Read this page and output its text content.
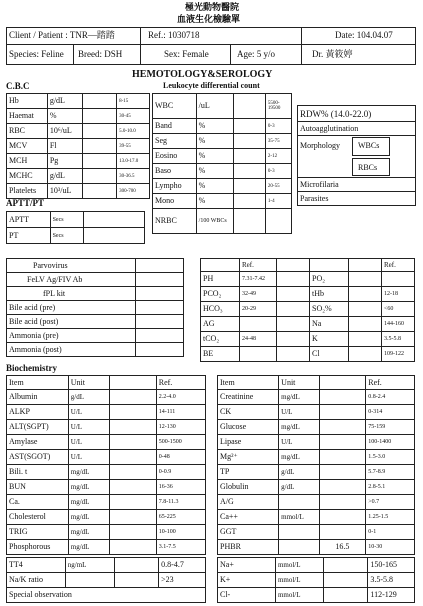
極光動物醫院
血液生化檢驗單
Client / Patient : TNR—踏踏	Ref.: 1030718	Date: 104.04.07
Species: Feline Breed: DSH	Sex: Female	Age: 5 y/o	Dr. 黃筱婷
HEMOTOLOGY&SEROLOGY
C.B.C	Leukocyte differential count
Hb	g/dL		8-15
Haemat	%		30-45
RBC	10⁶/uL		5.0-10.0
MCV	Fl		39-55
MCH	Pg		13.0-17.0
MCHC	g/dL		30-36.5
Platelets	10³/uL		300-700
WBC	/uL		5500-19500
Band	%		0-3
Seg	%		35-75
Eosino	%		2-12
Baso	%		0-3
Lympho	%		20-55
Mono	%		1-4
NRBC	/100 WBCs		
RDW% (14.0-22.0)
Autoagglutination
Morphology WBCs
RBCs
Microfilaria
Parasites
APTT/PT
APTT	Secs	
PT	Secs	
Parvovirus	
FeLV Ag/FIV Ab	
fPL kit	
Bile acid (pre)	
Bile acid (post)	
Ammonia (pre)	
Ammonia (post)	
	Ref.				Ref.
PH	7.31-7.42		PO₂		
PCO₂	32-49		tHb		12-18
HCO₃	20-29		SO₂%		<60
AG			Na		144-160
tCO₂	24-48		K		3.5-5.8
BE			Cl		109-122
Biochemistry
Item	Unit		Ref.
Albumin	g/dL		2.2-4.0
ALKP	U/L		14-111
ALT(SGPT)	U/L		12-130
Amylase	U/L		500-1500
AST(SGOT)	U/L		0-48
Bili. t	mg/dL		0-0.9
BUN	mg/dL		16-36
Ca.	mg/dL		7.8-11.3
Cholesterol	mg/dL		65-225
TRIG	mg/dL		10-100
Phosphorous	mg/dL		3.1-7.5
Item	Unit		Ref.
Creatinine	mg/dL		0.8-2.4
CK	U/L		0-314
Glucose	mg/dL		75-159
Lipase	U/L		100-1400
Mg²⁺	mg/dL		1.5-3.0
TP	g/dL		5.7-8.9
Globulin	g/dL		2.8-5.1
A/G			>0.7
Ca++	mmol/L		1.25-1.5
GGT			0-1
PHBR		16.5	10-30
TT4	ng/mL		0.8-4.7
Na/K ratio			>23
Special observation			
Na+	mmol/L		150-165
K+	mmol/L		3.5-5.8
Cl-	mmol/L		112-129
